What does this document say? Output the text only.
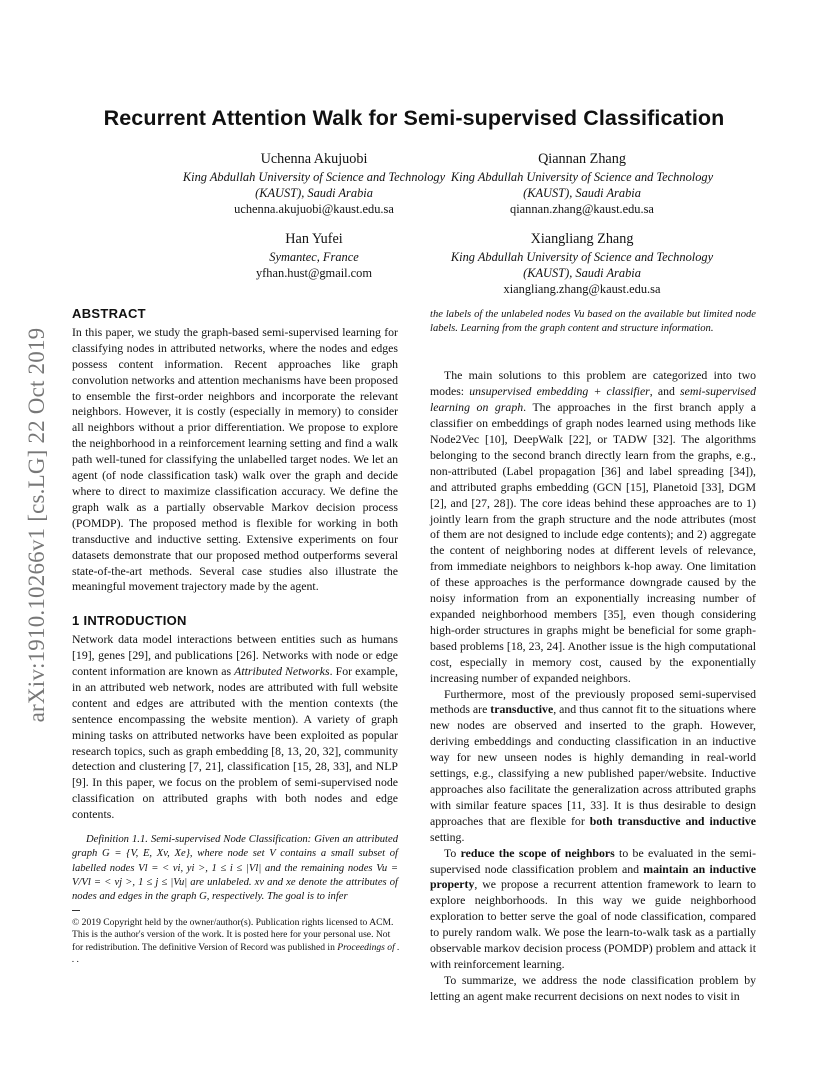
arXiv:1910.10266v1 [cs.LG] 22 Oct 2019
Recurrent Attention Walk for Semi-supervised Classification
Uchenna Akujuobi
King Abdullah University of Science and Technology
(KAUST), Saudi Arabia
uchenna.akujuobi@kaust.edu.sa
Qiannan Zhang
King Abdullah University of Science and Technology
(KAUST), Saudi Arabia
qiannan.zhang@kaust.edu.sa
Han Yufei
Symantec, France
yfhan.hust@gmail.com
Xiangliang Zhang
King Abdullah University of Science and Technology
(KAUST), Saudi Arabia
xiangliang.zhang@kaust.edu.sa
ABSTRACT

In this paper, we study the graph-based semi-supervised learning for classifying nodes in attributed networks, where the nodes and edges possess content information. Recent approaches like graph convolution networks and attention mechanisms have been proposed to ensemble the first-order neighbors and incorporate the relevant neighbors. However, it is costly (especially in memory) to consider all neighbors without a prior differentiation. We propose to explore the neighborhood in a reinforcement learning setting and find a walk path well-tuned for classifying the unlabelled target nodes. We let an agent (of node classification task) walk over the graph and decide where to direct to maximize classification accuracy. We define the graph walk as a partially observable Markov decision process (POMDP). The proposed method is flexible for working in both transductive and inductive setting. Extensive experiments on four datasets demonstrate that our proposed method outperforms several state-of-the-art methods. Several case studies also illustrate the meaningful movement trajectory made by the agent.

1 INTRODUCTION

Network data model interactions between entities such as humans [19], genes [29], and publications [26]. Networks with node or edge content information are known as Attributed Networks. For example, in an attributed web network, nodes are attributed with full website content and edges are attributed with the mention contexts (the sentence encompassing the website mention). A variety of graph mining tasks on attributed networks have been exploited as popular research topics, such as graph embedding [8, 13, 20, 32], community detection and clustering [7, 21], classification [15, 28, 33], and NLP [9]. In this paper, we focus on the problem of semi-supervised node classification on attributed graphs with both nodes and edge contents.

Definition 1.1. Semi-supervised Node Classification: Given an attributed graph G = {V, E, Xv, Xe}, where node set V contains a small subset of labelled nodes Vl = < vi, yi >, 1 ≤ i ≤ |Vl| and the remaining nodes Vu = V/Vl = < vj >, 1 ≤ j ≤ |Vu| are unlabeled. xv and xe denote the attributes of nodes and edges in the graph G, respectively. The goal is to infer

© 2019 Copyright held by the owner/author(s). Publication rights licensed to ACM.
This is the author's version of the work. It is posted here for your personal use. Not
for redistribution. The definitive Version of Record was published in Proceedings of . . .

the labels of the unlabeled nodes Vu based on the available but limited node labels. Learning from the graph content and structure information.

The main solutions to this problem are categorized into two modes: unsupervised embedding + classifier, and semi-supervised learning on graph. The approaches in the first branch apply a classifier on embeddings of graph nodes learned using methods like Node2Vec [10], DeepWalk [22], or TADW [32]. The algorithms belonging to the second branch directly learn from the graphs, e.g., non-attributed (Label propagation [36] and label spreading [34]), and attributed graphs embedding (GCN [15], Planetoid [33], DGM [2], and [27, 28]). The core ideas behind these approaches are to 1) jointly learn from the graph structure and the node attributes (most of them are not designed to include edge contents); and 2) aggregate the content of neighboring nodes at different levels of relevance, from immediate neighbors to neighbors k-hop away. One limitation of these approaches is the performance downgrade caused by the noisy information from an exponentially increasing number of expanded neighborhood members [35], even though considering high-order structures in graphs might be beneficial for some graph-based problems [18, 23, 24]. Another issue is the high computational cost, especially in memory cost, caused by the exponentially increasing number of expanded neighbors.

Furthermore, most of the previously proposed semi-supervised methods are transductive, and thus cannot fit to the situations where new nodes are observed and inserted to the graph. However, deriving embeddings and conducting classification in an inductive way for new unseen nodes is highly demanding in real-world settings, e.g., classifying a new published paper/website. Inductive approaches also facilitate the generalization across attributed graphs with similar feature spaces [11, 33]. It is thus desirable to design approaches that are flexible for both transductive and inductive setting.

To reduce the scope of neighbors to be evaluated in the semi-supervised node classification problem and maintain an inductive property, we propose a recurrent attention framework to learn to explore neighborhoods. In this way we guide neighborhood exploration to better serve the goal of node classification, compared to purely random walk. We pose the learn-to-walk task as a partially observable markov decision process (POMDP) problem and attack it with reinforcement learning.

To summarize, we address the node classification problem by letting an agent make recurrent decisions on next nodes to visit in
